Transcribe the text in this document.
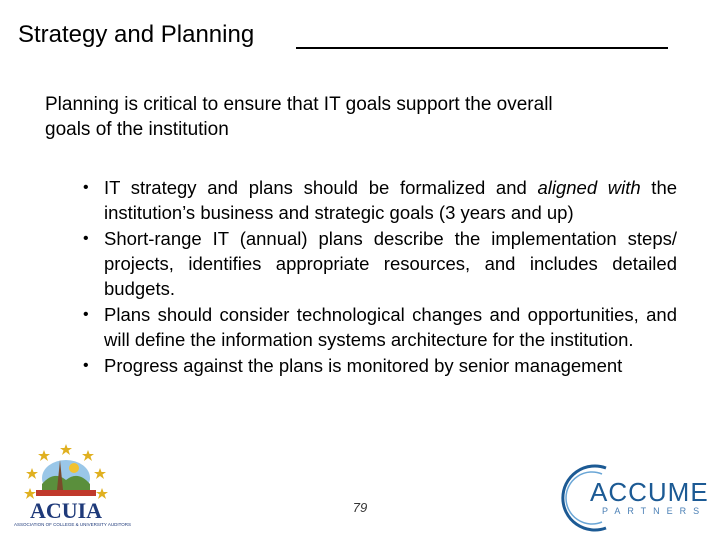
Strategy and Planning
Planning is critical to ensure that IT goals support the overall
goals of the institution
• IT strategy and plans should be formalized and aligned with the institution’s business and strategic goals (3 years and up)
• Short-range IT (annual) plans describe the implementation steps/ projects, identifies appropriate resources, and includes detailed budgets.
• Plans should consider technological changes and opportunities, and will define the information systems architecture for the institution.
• Progress against the plans is monitored by senior management
79
ACUIA
ASSOCIATION OF COLLEGE & UNIVERSITY AUDITORS
ACCUME
PARTNERS
